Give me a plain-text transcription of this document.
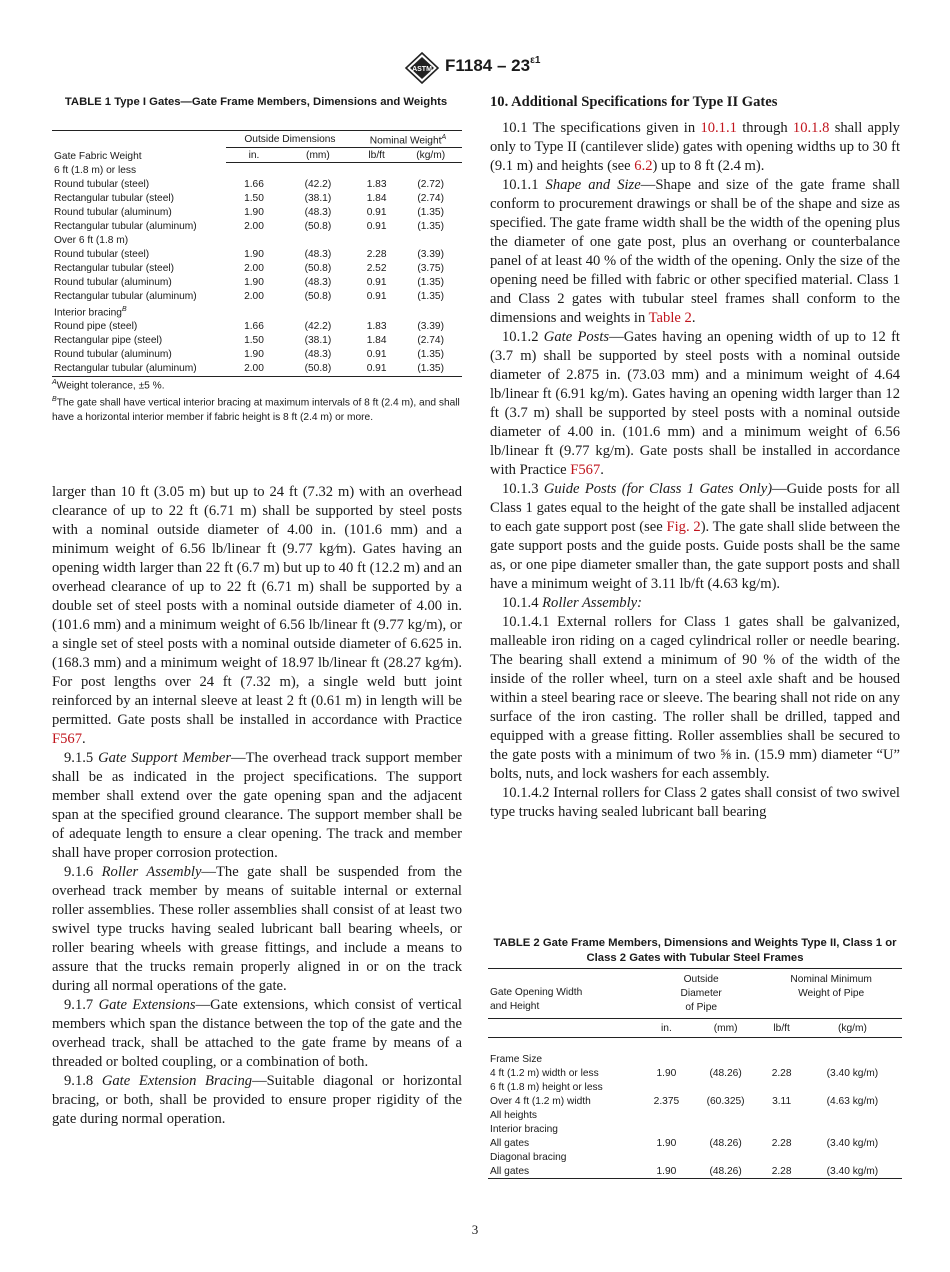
ASTM $F1184 - 23^{\varepsilon 1}$
TABLE 1 Type I Gates—Gate Frame Members, Dimensions and Weights
Gate Fabric Weight	Outside Dimensions		Nominal Weight$^A$
	in.	(mm)	lb/ft	(kg/m)
6 ft (1.8 m) or less				
Round tubular (steel)	1.66	(42.2)	1.83	(2.72)
Rectangular tubular (steel)	1.50	(38.1)	1.84	(2.74)
Round tubular (aluminum)	1.90	(48.3)	0.91	(1.35)
Rectangular tubular (aluminum)	2.00	(50.8)	0.91	(1.35)
Over 6 ft (1.8 m)				
Round tubular (steel)	1.90	(48.3)	2.28	(3.39)
Rectangular tubular (steel)	2.00	(50.8)	2.52	(3.75)
Round tubular (aluminum)	1.90	(48.3)	0.91	(1.35)
Rectangular tubular (aluminum)	2.00	(50.8)	0.91	(1.35)
Interior bracing$^B$
Round pipe (steel)	1.66	(42.2)	1.83	(3.39)
Rectangular pipe (steel)	1.50	(38.1)	1.84	(2.74)
Round tubular (aluminum)	1.90	(48.3)	0.91	(1.35)
Rectangular tubular (aluminum)	2.00	(50.8)	0.91	(1.35)
$^A$Weight tolerance, ±5 %.
$^B$The gate shall have vertical interior bracing at maximum intervals of 8 ft (2.4 m), and shall have a horizontal interior member if fabric height is 8 ft (2.4 m) or more.

larger than 10 ft (3.05 m) but up to 24 ft (7.32 m) with an overhead clearance of up to 22 ft (6.71 m) shall be supported by steel posts with a nominal outside diameter of 4.00 in. (101.6 mm) and a minimum weight of 6.56 lb/linear ft (9.77 kg⁄m). Gates having an opening width larger than 22 ft (6.7 m) but up to 40 ft (12.2 m) and an overhead clearance of up to 22 ft (6.71 m) shall be supported by a double set of steel posts with a nominal outside diameter of 4.00 in. (101.6 mm) and a minimum weight of 6.56 lb/linear ft (9.77 kg/m), or a single set of steel posts with a nominal outside diameter of 6.625 in. (168.3 mm) and a minimum weight of 18.97 lb/linear ft (28.27 kg⁄m). For post lengths over 24 ft (7.32 m), a single weld butt joint reinforced by an internal sleeve at least 2 ft (0.61 m) in length will be permitted. Gate posts shall be installed in accordance with Practice F567.

9.1.5 Gate Support Member—The overhead track support member shall be as indicated in the project specifications. The support member shall extend over the gate opening span and the adjacent span at the specified ground clearance. The support member shall be of adequate length to ensure a clear opening. The track and member shall have proper corrosion protection.

9.1.6 Roller Assembly—The gate shall be suspended from the overhead track member by means of suitable internal or external roller assemblies. These roller assemblies shall consist of at least two swivel type trucks having sealed lubricant ball bearing wheels, or roller bearing wheels with grease fittings, and include a means to assure that the trucks remain properly aligned in or on the track during all normal operations of the gate.

9.1.7 Gate Extensions—Gate extensions, which consist of vertical members which span the distance between the top of the gate and the overhead track, shall be attached to the gate frame by means of a threaded or bolted coupling, or a combination of both.

9.1.8 Gate Extension Bracing—Suitable diagonal or horizontal bracing, or both, shall be provided to ensure proper rigidity of the gate during normal operation.

10. Additional Specifications for Type II Gates

10.1 The specifications given in 10.1.1 through 10.1.8 shall apply only to Type II (cantilever slide) gates with opening widths up to 30 ft (9.1 m) and heights (see 6.2) up to 8 ft (2.4 m).

10.1.1 Shape and Size—Shape and size of the gate frame shall conform to procurement drawings or shall be of the shape and size as specified. The gate frame width shall be the width of the opening plus the diameter of one gate post, plus an overhang or counterbalance panel of at least 40 % of the width of the opening. Only the size of the opening need be filled with fabric or other specified material. Class 1 and Class 2 gates with tubular steel frames shall conform to the dimensions and weights in Table 2.

10.1.2 Gate Posts—Gates having an opening width of up to 12 ft (3.7 m) shall be supported by steel posts with a nominal outside diameter of 2.875 in. (73.03 mm) and a minimum weight of 4.64 lb/linear ft (6.91 kg/m). Gates having an opening width larger than 12 ft (3.7 m) shall be supported by steel posts with a nominal outside diameter of 4.00 in. (101.6 mm) and a minimum weight of 6.56 lb/linear ft (9.77 kg/m). Gate posts shall be installed in accordance with Practice F567.

10.1.3 Guide Posts (for Class 1 Gates Only)—Guide posts for all Class 1 gates equal to the height of the gate shall be installed adjacent to each gate support post (see Fig. 2). The gate shall slide between the gate support posts and the guide posts. Guide posts shall be the same as, or one pipe diameter smaller than, the gate support posts and shall have a minimum weight of 3.11 lb/ft (4.63 kg/m).

10.1.4 Roller Assembly:

10.1.4.1 External rollers for Class 1 gates shall be galvanized, malleable iron riding on a caged cylindrical roller or needle bearing. The bearing shall extend a minimum of 90 % of the width of the inside of the roller wheel, turn on a steel axle shaft and be housed within a steel bearing race or sleeve. The bearing shall not ride on any surface of the iron casting. The roller shall be drilled, tapped and equipped with a grease fitting. Roller assemblies shall be secured to the gate posts with a minimum of two ⅝ in. (15.9 mm) diameter “U” bolts, nuts, and lock washers for each assembly.

10.1.4.2 Internal rollers for Class 2 gates shall consist of two swivel type trucks having sealed lubricant ball bearing

TABLE 2 Gate Frame Members, Dimensions and Weights Type II, Class 1 or Class 2 Gates with Tubular Steel Frames
Gate Opening Width
and Height	Outside		Nominal Minimum	
	Diameter		Weight of Pipe	
	of Pipe			
	in.	(mm)	lb/ft	(kg/m)

Frame Size				
4 ft (1.2 m) width or less	1.90	(48.26)	2.28	(3.40 kg/m)
6 ft (1.8 m) height or less				
Over 4 ft (1.2 m) width	2.375	(60.325)	3.11	(4.63 kg/m)
All heights				
Interior bracing				
All gates	1.90	(48.26)	2.28	(3.40 kg/m)
Diagonal bracing				
All gates	1.90	(48.26)	2.28	(3.40 kg/m)
3
